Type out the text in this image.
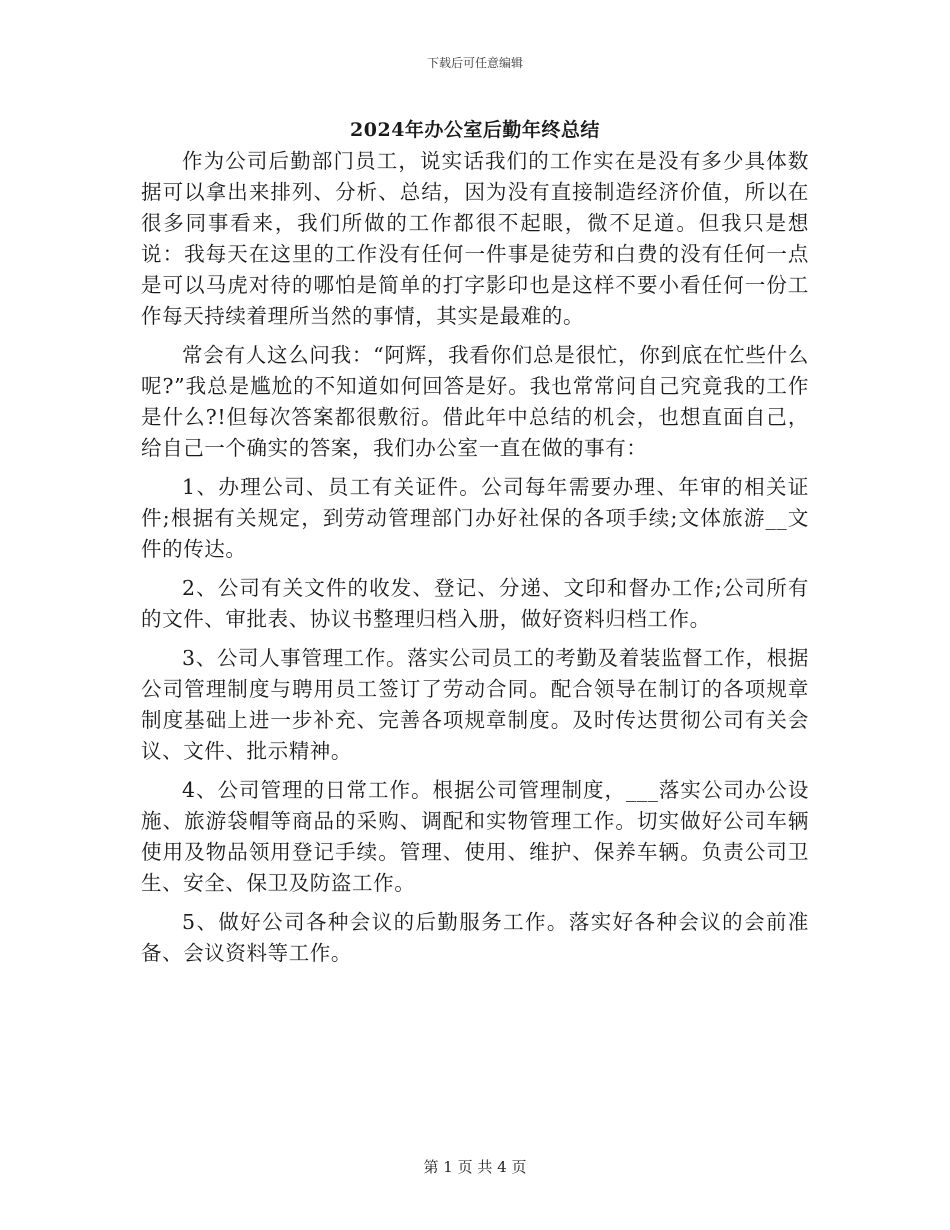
下载后可任意编辑
2024年办公室后勤年终总结

作为公司后勤部门员工，说实话我们的工作实在是没有多少具体数据可以拿出来排列、分析、总结，因为没有直接制造经济价值，所以在很多同事看来，我们所做的工作都很不起眼，微不足道。但我只是想说：我每天在这里的工作没有任何一件事是徒劳和白费的没有任何一点是可以马虎对待的哪怕是简单的打字影印也是这样不要小看任何一份工作每天持续着理所当然的事情，其实是最难的。

常会有人这么问我：“阿辉，我看你们总是很忙，你到底在忙些什么呢?”我总是尴尬的不知道如何回答是好。我也常常问自己究竟我的工作是什么?!但每次答案都很敷衍。借此年中总结的机会，也想直面自己，给自己一个确实的答案，我们办公室一直在做的事有：

1、办理公司、员工有关证件。公司每年需要办理、年审的相关证件;根据有关规定，到劳动管理部门办好社保的各项手续;文体旅游__文件的传达。

2、公司有关文件的收发、登记、分递、文印和督办工作;公司所有的文件、审批表、协议书整理归档入册，做好资料归档工作。

3、公司人事管理工作。落实公司员工的考勤及着装监督工作，根据公司管理制度与聘用员工签订了劳动合同。配合领导在制订的各项规章制度基础上进一步补充、完善各项规章制度。及时传达贯彻公司有关会议、文件、批示精神。

4、公司管理的日常工作。根据公司管理制度，___落实公司办公设施、旅游袋帽等商品的采购、调配和实物管理工作。切实做好公司车辆使用及物品领用登记手续。管理、使用、维护、保养车辆。负责公司卫生、安全、保卫及防盗工作。

5、做好公司各种会议的后勤服务工作。落实好各种会议的会前准备、会议资料等工作。

第 1 页 共 4 页
